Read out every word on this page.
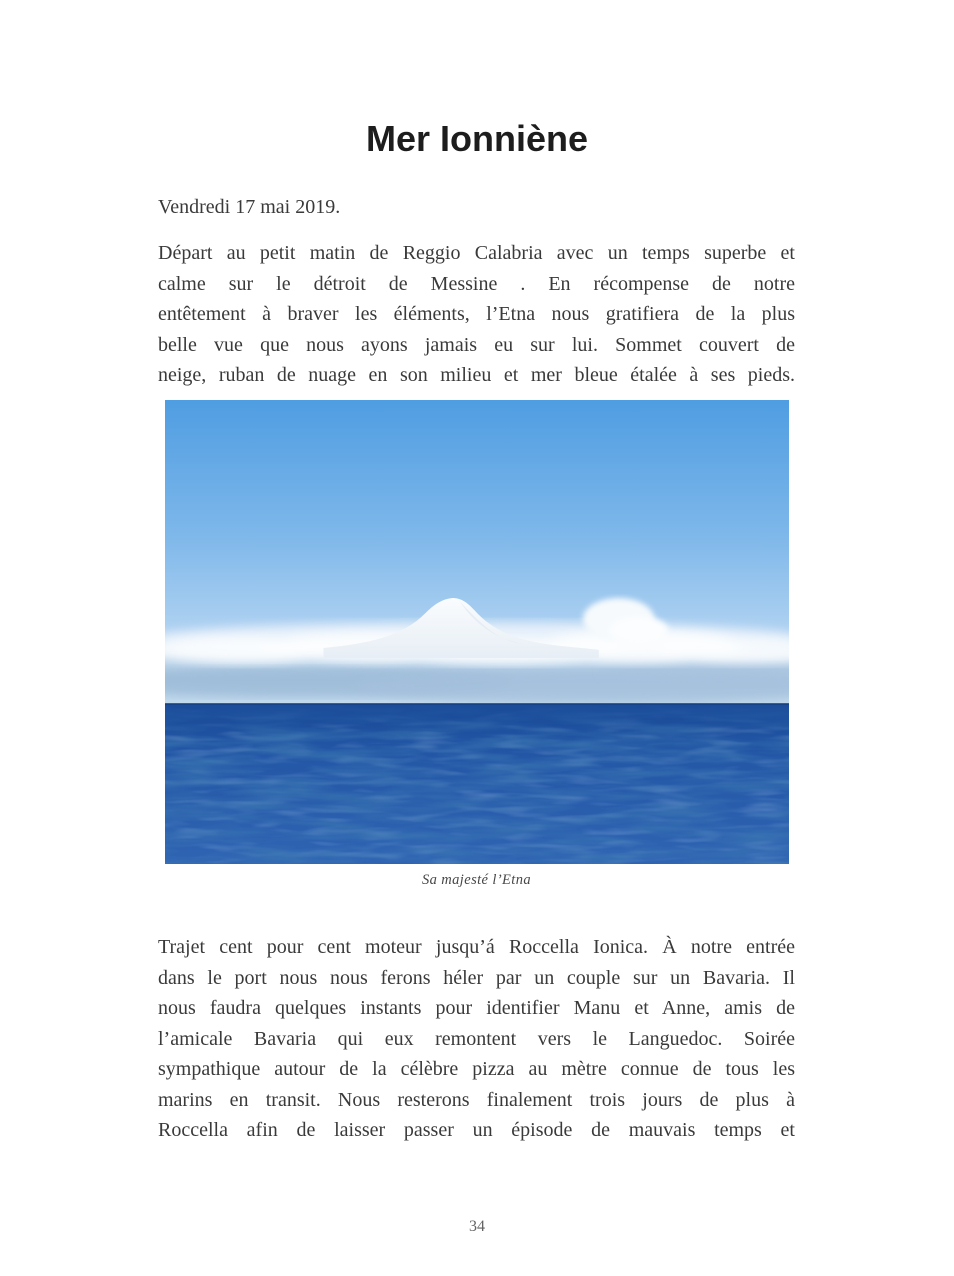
Mer Ionniène
Vendredi 17 mai 2019.
Départ au petit matin de Reggio Calabria avec un temps superbe et
calme sur le détroit de Messine . En récompense de notre
entêtement à braver les éléments, l’Etna nous gratifiera de la plus
belle vue que nous ayons jamais eu sur lui. Sommet couvert de
neige, ruban de nuage en son milieu et mer bleue étalée à ses pieds.
Sa majesté l’Etna
Trajet cent pour cent moteur jusqu’á Roccella Ionica. À notre entrée
dans le port nous nous ferons héler par un couple sur un Bavaria. Il
nous faudra quelques instants pour identifier Manu et Anne, amis de
l’amicale Bavaria qui eux remontent vers le Languedoc. Soirée
sympathique autour de la célèbre pizza au mètre connue de tous les
marins en transit. Nous resterons finalement trois jours de plus à
Roccella afin de laisser passer un épisode de mauvais temps et
34
